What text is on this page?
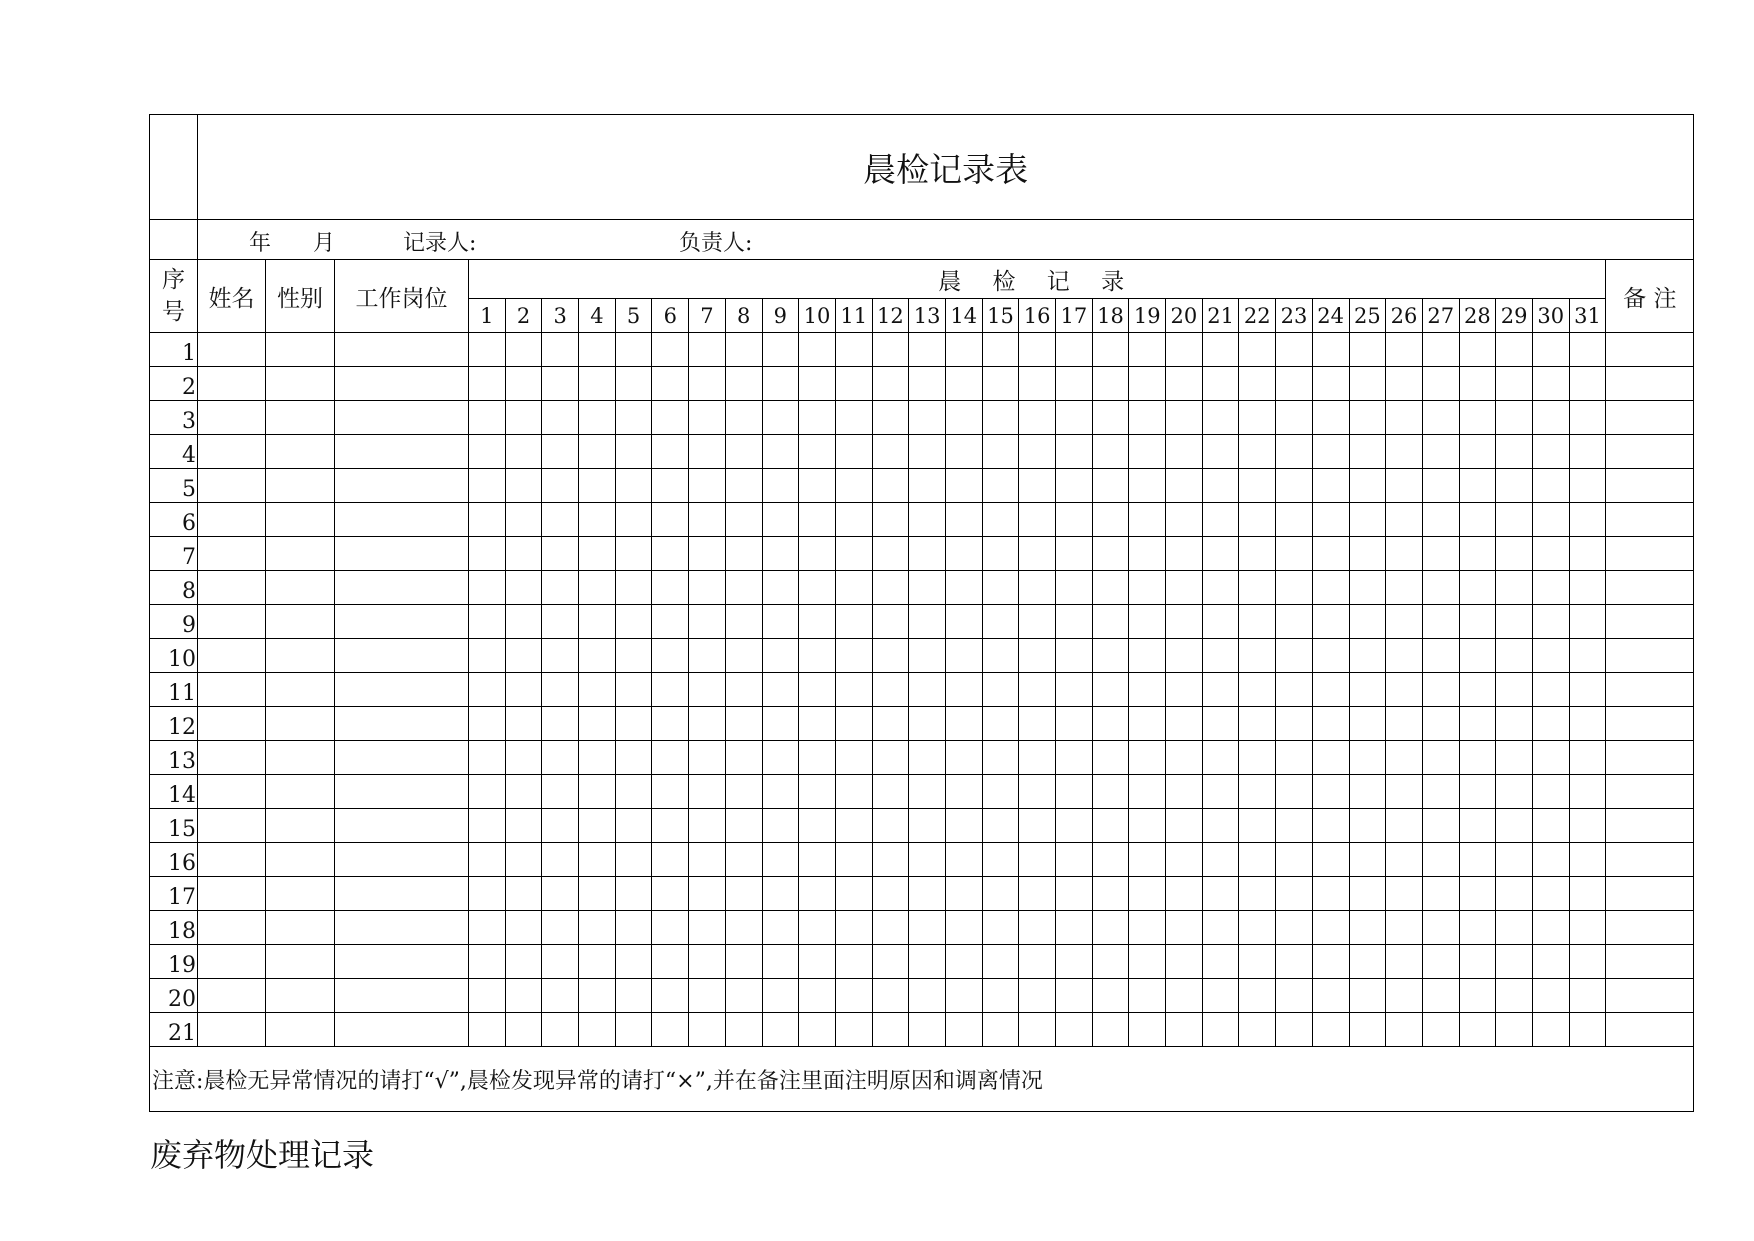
	晨检记录表																																		

	年 月 记录人: 负责人:																																		

序号	姓名	性别	工作岗位	晨 检 记 录																															备 注
				1	2	3	4	5	6	7	8	9	10	11	12	13	14	15	16	17	18	19	20	21	22	23	24	25	26	27	28	29	30	31	
1																																			
2																																			
3																																			
4																																			
5																																			
6																																			
7																																			
8																																			
9																																			
10																																			
11																																			
12																																			
13																																			
14																																			
15																																			
16																																			
17																																			
18																																			
19																																			
20																																			
21																																			
注意:晨检无异常情况的请打“√”,晨检发现异常的请打“×”,并在备注里面注明原因和调离情况																																			
废弃物处理记录
